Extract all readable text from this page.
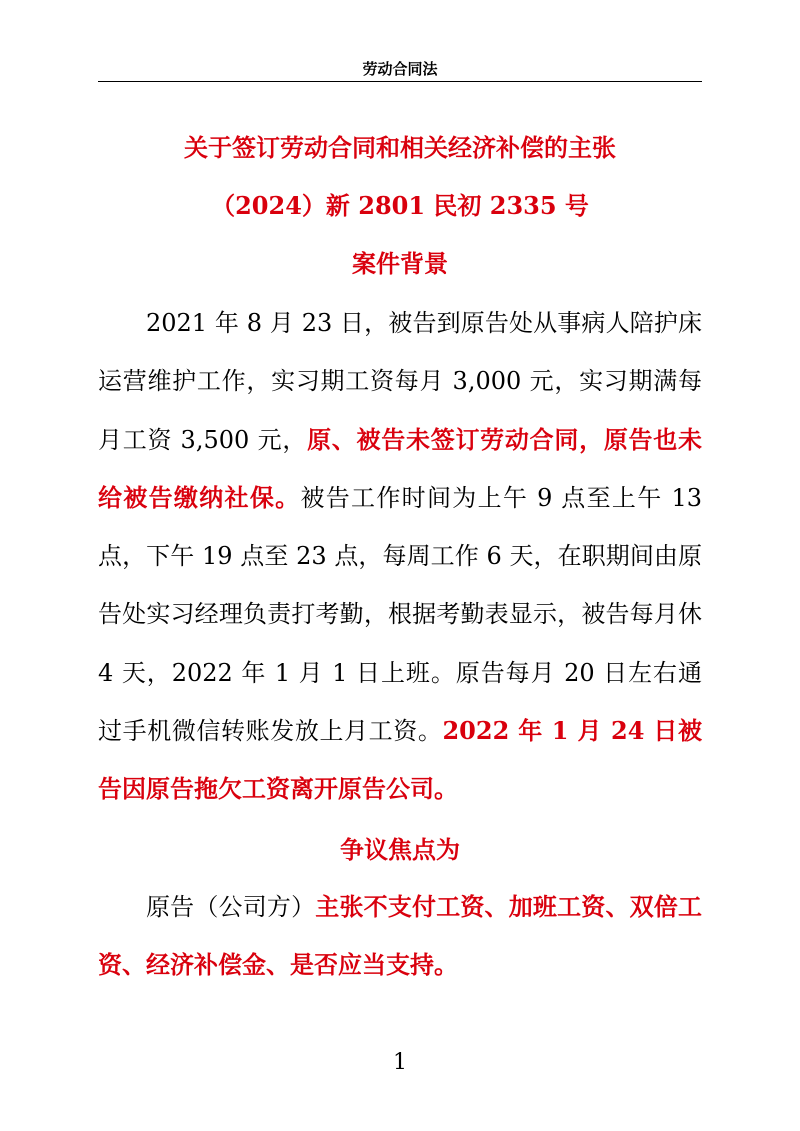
劳动合同法
关于签订劳动合同和相关经济补偿的主张
（2024）新 2801 民初 2335 号
案件背景

2021 年 8 月 23 日，被告到原告处从事病人陪护床运营维护工作，实习期工资每月 3,000 元，实习期满每月工资 3,500 元，原、被告未签订劳动合同，原告也未给被告缴纳社保。被告工作时间为上午 9 点至上午 13 点，下午 19 点至 23 点，每周工作 6 天，在职期间由原告处实习经理负责打考勤，根据考勤表显示，被告每月休 4 天，2022 年 1 月 1 日上班。原告每月 20 日左右通过手机微信转账发放上月工资。2022 年 1 月 24 日被告因原告拖欠工资离开原告公司。

争议焦点为

原告（公司方）主张不支付工资、加班工资、双倍工资、经济补偿金、是否应当支持。

1
